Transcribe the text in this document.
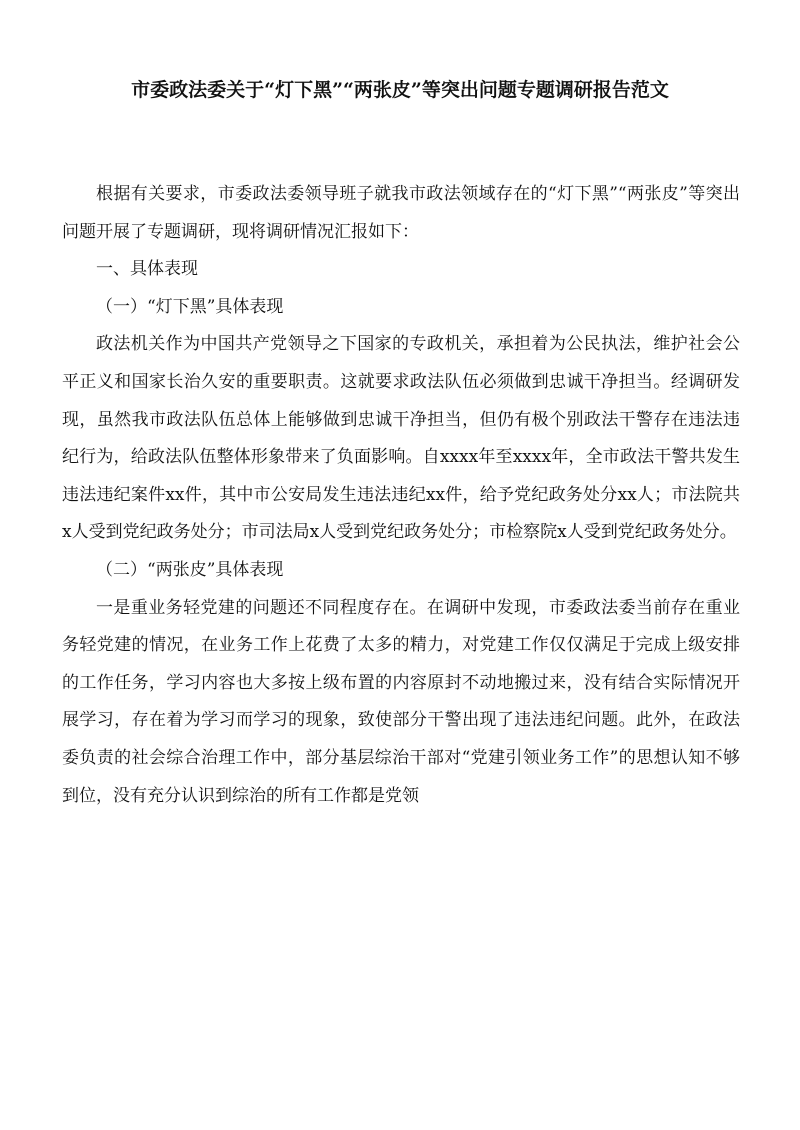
市委政法委关于“灯下黑”“两张皮”等突出问题专题调研报告范文

根据有关要求，市委政法委领导班子就我市政法领域存在的“灯下黑”“两张皮”等突出问题开展了专题调研，现将调研情况汇报如下：

一、具体表现

（一）“灯下黑”具体表现

政法机关作为中国共产党领导之下国家的专政机关，承担着为公民执法，维护社会公平正义和国家长治久安的重要职责。这就要求政法队伍必须做到忠诚干净担当。经调研发现，虽然我市政法队伍总体上能够做到忠诚干净担当，但仍有极个别政法干警存在违法违纪行为，给政法队伍整体形象带来了负面影响。自xxxx年至xxxx年，全市政法干警共发生违法违纪案件xx件，其中市公安局发生违法违纪xx件，给予党纪政务处分xx人；市法院共x人受到党纪政务处分；市司法局x人受到党纪政务处分；市检察院x人受到党纪政务处分。

（二）“两张皮”具体表现

一是重业务轻党建的问题还不同程度存在。在调研中发现，市委政法委当前存在重业务轻党建的情况，在业务工作上花费了太多的精力，对党建工作仅仅满足于完成上级安排的工作任务，学习内容也大多按上级布置的内容原封不动地搬过来，没有结合实际情况开展学习，存在着为学习而学习的现象，致使部分干警出现了违法违纪问题。此外，在政法委负责的社会综合治理工作中，部分基层综治干部对“党建引领业务工作”的思想认知不够到位，没有充分认识到综治的所有工作都是党领
